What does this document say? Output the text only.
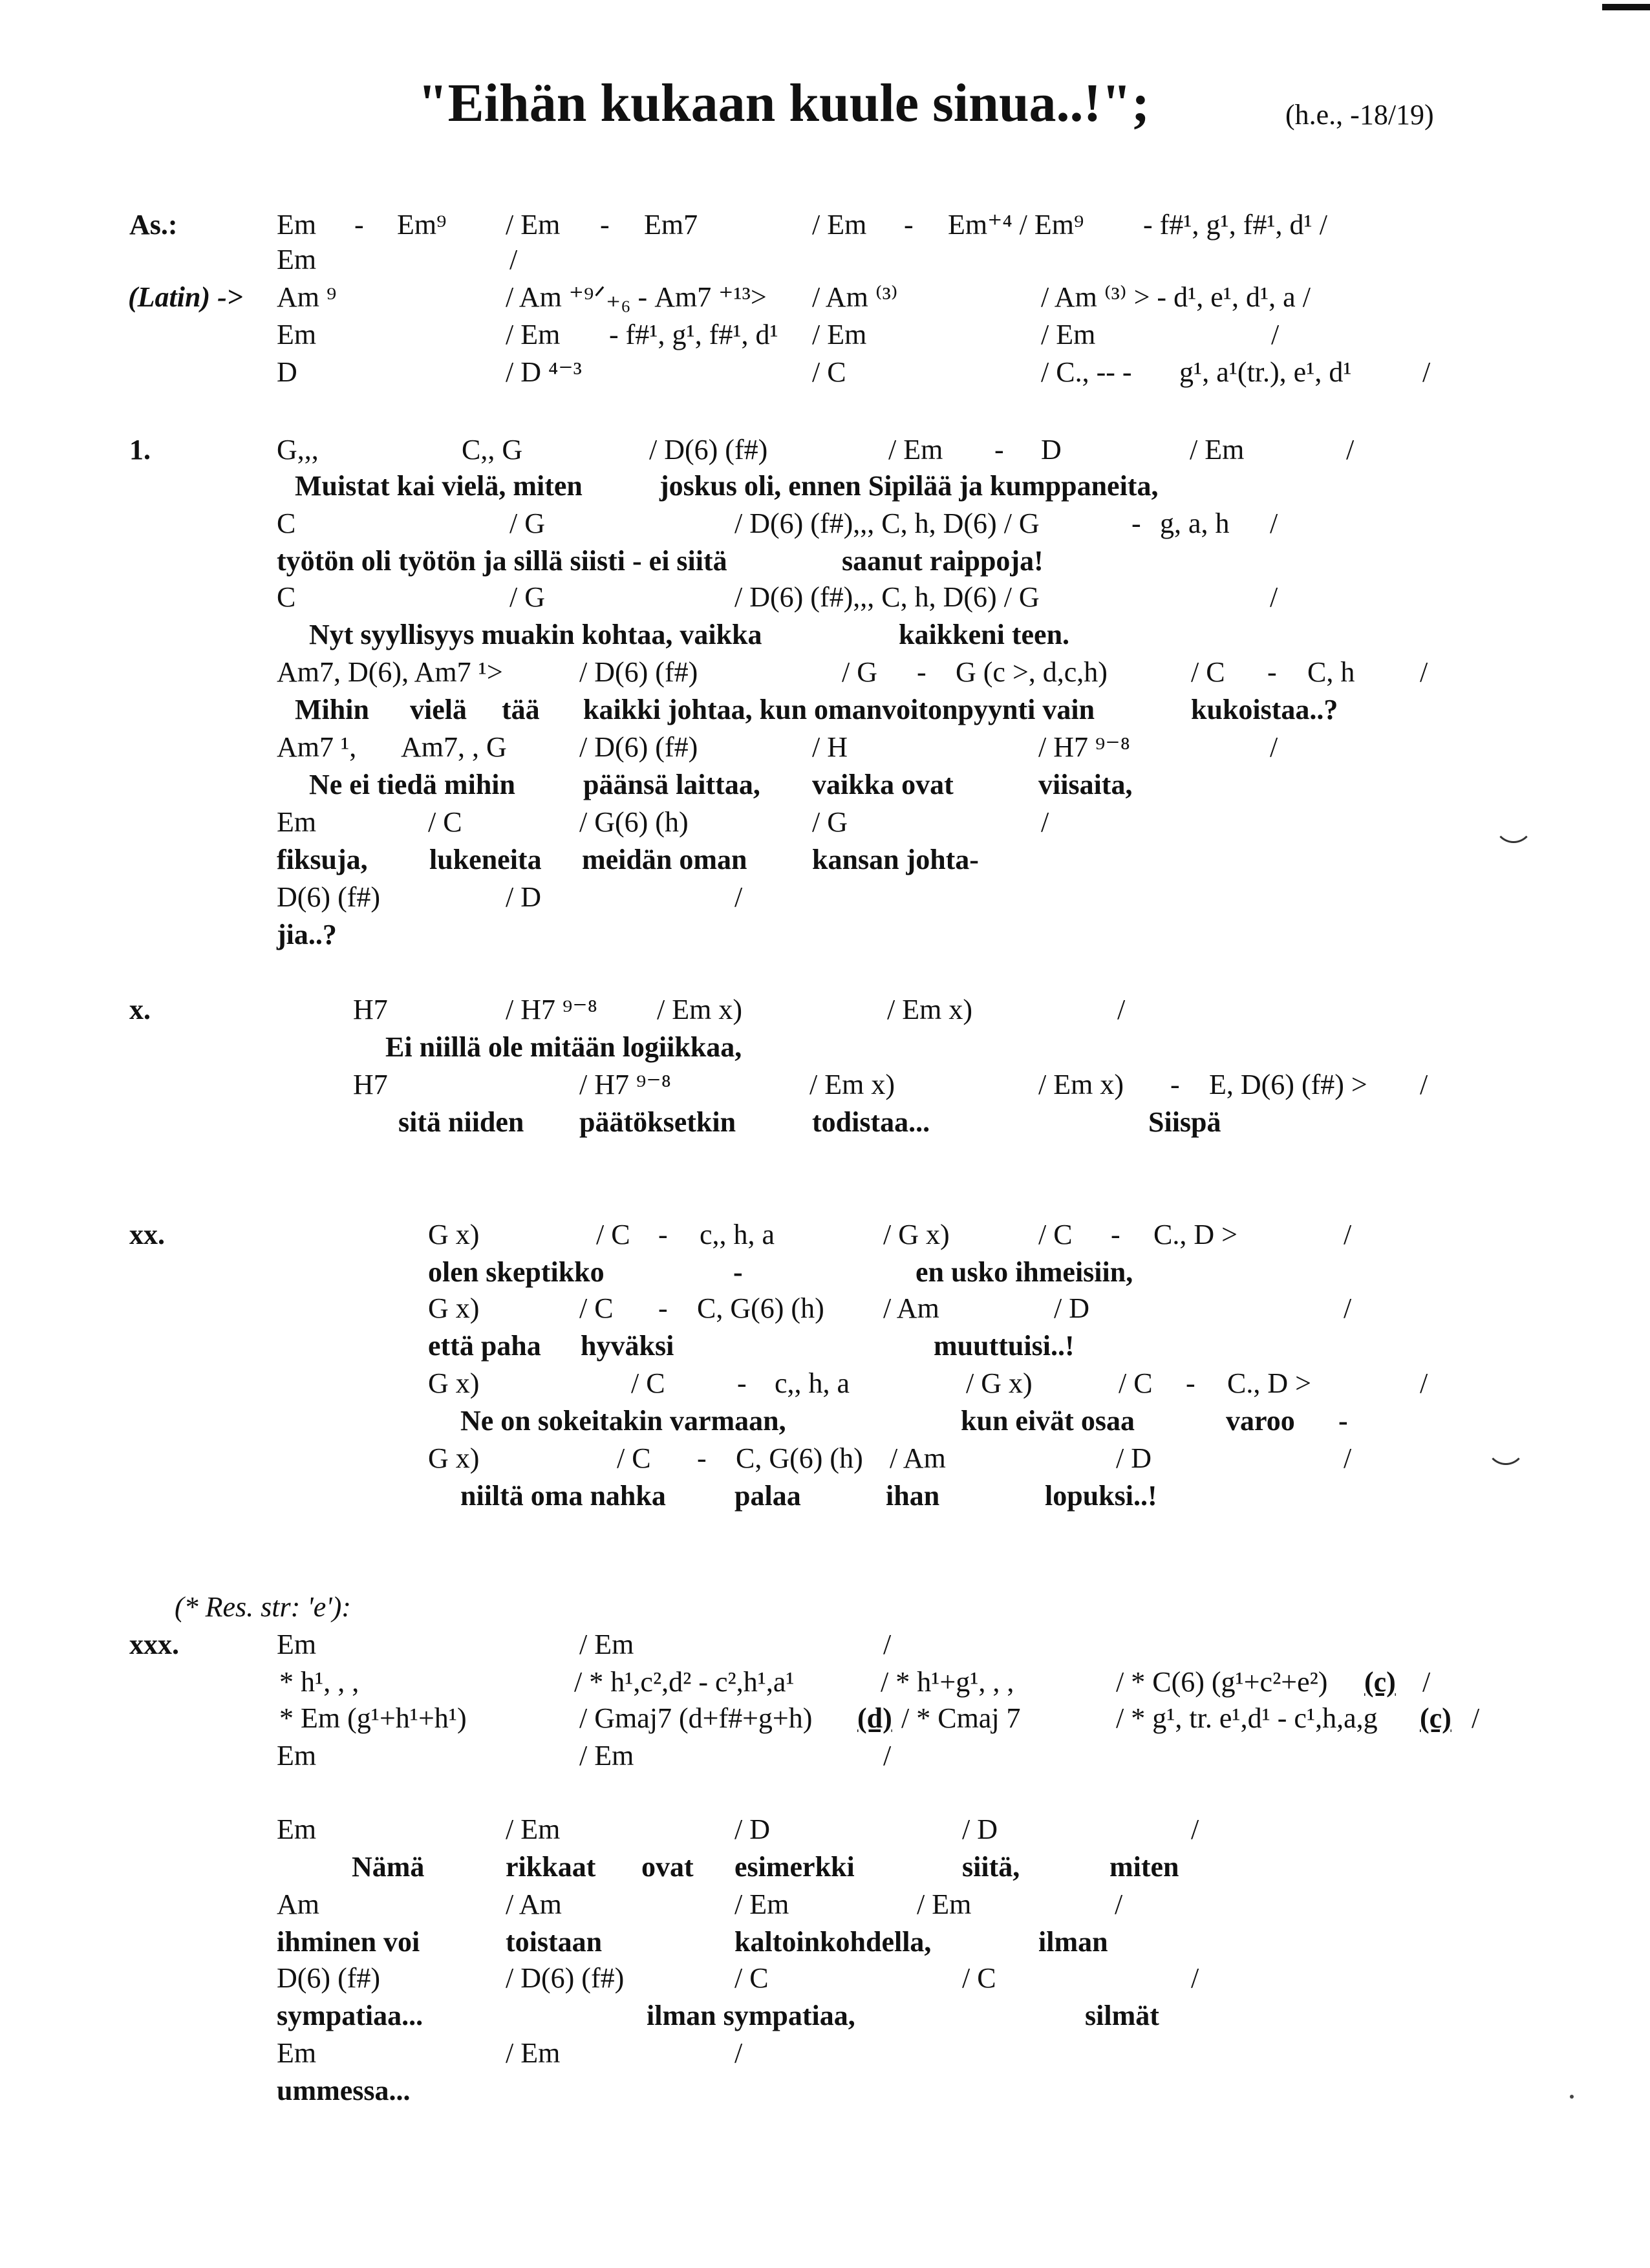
"Eihän kukaan kuule sinua..!";	(h.e., -18/19)
As.:	Em - Em⁹ / Em - Em7	/ Em - Em⁺⁴ / Em⁹ - f#¹, g¹, f#¹, d¹ /
Em	/
(Latin) -> Am ⁹	/ Am ⁺⁹ᐟ₊₆ - Am7 ⁺¹³> / Am ⁽³⁾	/ Am ⁽³⁾ > - d¹, e¹, d¹, a /
Em	/ Em - f#¹, g¹, f#¹, d¹ / Em	/ Em	/
D	/ D ⁴⁻³	/ C	/ C., -- - g¹, a¹(tr.), e¹, d¹ /
1.	G,,,	C,, G	/ D(6) (f#)	/ Em - D	/ Em	/
Muistat kai vielä, miten	joskus oli, ennen Sipilää ja kumppaneita,
C	/ G	/ D(6) (f#),,, C, h, D(6) / G	- g, a, h /
työtön oli työtön ja sillä siisti - ei siitä	saanut raippoja!
C	/ G	/ D(6) (f#),,, C, h, D(6) / G	/
Nyt syyllisyys muakin kohtaa, vaikka	kaikkeni teen.
Am7, D(6), Am7 ¹>	/ D(6) (f#)	/ G - G (c >, d,c,h)	/ C - C, h /
Mihin vielä tää kaikki johtaa, kun omanvoitonpyynti vain	kukoistaa..?
Am7 ¹, Am7, , G	/ D(6) (f#)	/ H	/ H7 ⁹⁻⁸	/
Ne ei tiedä mihin päänsä laittaa, vaikka ovat	viisaita,
Em	/ C	/ G(6) (h)	/ G	/
fiksuja, lukeneita meidän oman kansan johta-
D(6) (f#)	/ D	/
jia..?
x.	H7	/ H7 ⁹⁻⁸ / Em x)	/ Em x)	/
Ei niillä ole mitään logiikkaa,
H7	/ H7 ⁹⁻⁸	/ Em x)	/ Em x) - E, D(6) (f#) > /
sitä niiden päätöksetkin	todistaa...	Siispä
xx.	G x)	/ C - c,, h, a	/ G x)	/ C - C., D >	/
olen skeptikko	-	en usko ihmeisiin,
G x)	/ C - C, G(6) (h) / Am	/ D	/
että paha hyväksi	muuttuisi..!
G x)	/ C	- c,, h, a	/ G x)	/ C - C., D >	/
Ne on sokeitakin varmaan,	kun eivät osaa	varoo -
G x)	/ C - C, G(6) (h) / Am	/ D	/
niiltä oma nahka palaa	ihan	lopuksi..!
(* Res. str: 'e'):
xxx.	Em	/ Em	/
* h¹, , ,	/ * h¹,c²,d² - c²,h¹,a¹	/ * h¹+g¹, , ,	/ * C(6) (g¹+c²+e²) (c) /
* Em (g¹+h¹+h¹)	/ Gmaj7 (d+f#+g+h) (d) / * Cmaj 7	/ * g¹, tr. e¹,d¹ - c¹,h,a,g (c) /
Em	/ Em	/
Em	/ Em	/ D	/ D	/
Nämä	rikkaat ovat esimerkki	siitä,	miten
Am	/ Am	/ Em	/ Em	/
ihminen voi	toistaan	kaltoinkohdella,	ilman
D(6) (f#)	/ D(6) (f#)	/ C	/ C	/
sympatiaa...	ilman sympatiaa,	silmät
Em	/ Em	/
ummessa...
